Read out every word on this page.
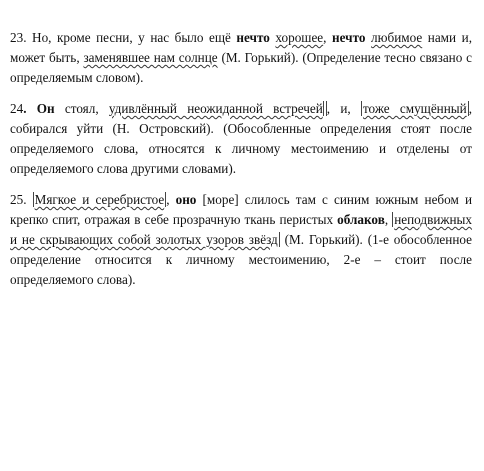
23. Но, кроме песни, у нас было ещё нечто хорошее, нечто любимое нами и, может быть, заменявшее нам солнце (М. Горький). (Определение тесно связано с определяемым словом).

24. Он стоял, удивлённый неожиданной встречей , и, тоже смущённый , собирался уйти (Н. Островский). (Обособленные определения стоят после определяемого слова, относятся к личному местоимению и отделены от определяемого слова другими словами).

25. Мягкое и серебристое , оно [море] слилось там с синим южным небом и крепко спит, отражая в себе прозрачную ткань перистых облаков, неподвижных и не скрывающих собой золотых узоров звёзд (М. Горький). (1-е обособленное определение относится к личному местоимению, 2-е – стоит после определяемого слова).
